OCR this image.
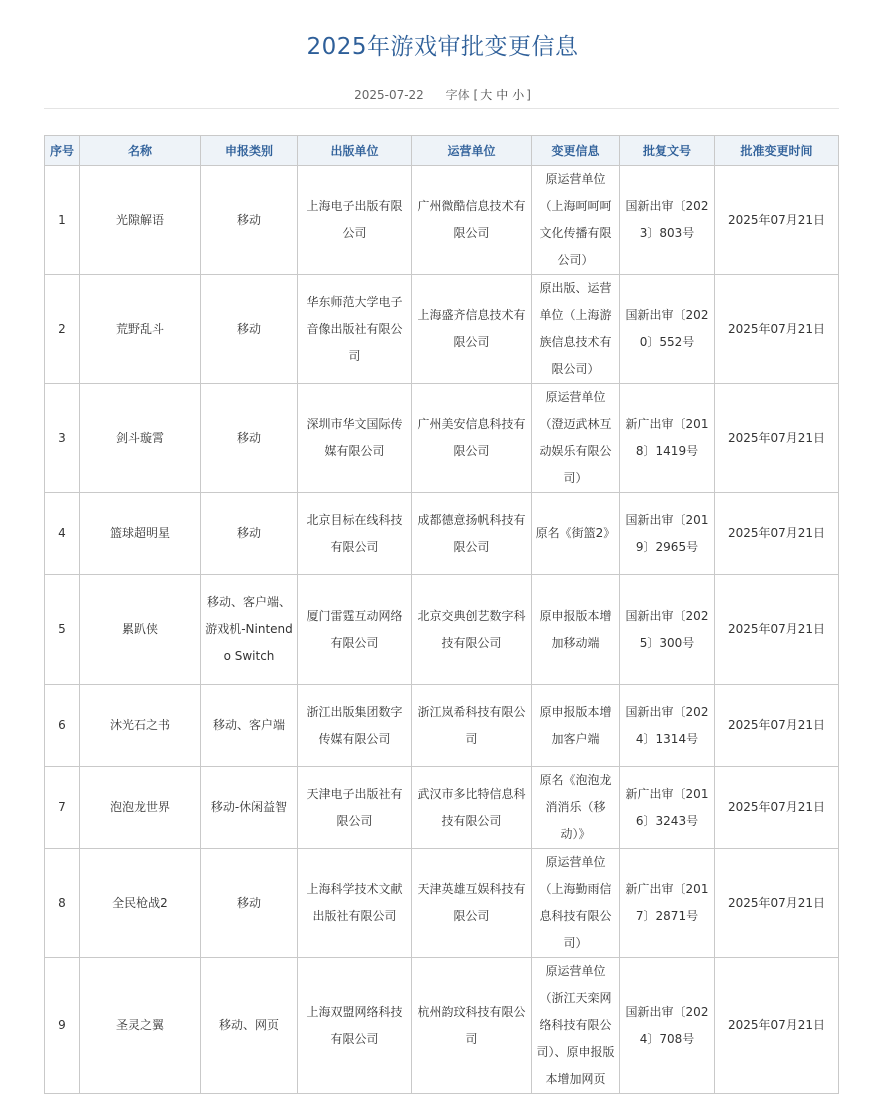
2025年游戏审批变更信息
2025-07-22 字体 [ 大 中 小 ]
序号	名称	申报类别	出版单位	运营单位	变更信息	批复文号	批准变更时间
1	光隙解语	移动	上海电子出版有限公司	广州微酷信息技术有限公司	原运营单位（上海呵呵呵文化传播有限公司）	国新出审〔2023〕803号	2025年07月21日
2	荒野乱斗	移动	华东师范大学电子音像出版社有限公司	上海盛齐信息技术有限公司	原出版、运营单位（上海游族信息技术有限公司）	国新出审〔2020〕552号	2025年07月21日
3	剑斗璇霄	移动	深圳市华文国际传媒有限公司	广州美安信息科技有限公司	原运营单位（澄迈武林互动娱乐有限公司）	新广出审〔2018〕1419号	2025年07月21日
4	篮球超明星	移动	北京目标在线科技有限公司	成都德意扬帆科技有限公司	原名《街篮2》	国新出审〔2019〕2965号	2025年07月21日
5	累趴侠	移动、客户端、游戏机-Nintendo Switch	厦门雷霆互动网络有限公司	北京交典创艺数字科技有限公司	原申报版本增加移动端	国新出审〔2025〕300号	2025年07月21日
6	沐光石之书	移动、客户端	浙江出版集团数字传媒有限公司	浙江岚希科技有限公司	原申报版本增加客户端	国新出审〔2024〕1314号	2025年07月21日
7	泡泡龙世界	移动-休闲益智	天津电子出版社有限公司	武汉市多比特信息科技有限公司	原名《泡泡龙消消乐（移动）》	新广出审〔2016〕3243号	2025年07月21日
8	全民枪战2	移动	上海科学技术文献出版社有限公司	天津英雄互娱科技有限公司	原运营单位（上海勤雨信息科技有限公司）	新广出审〔2017〕2871号	2025年07月21日
9	圣灵之翼	移动、网页	上海双盟网络科技有限公司	杭州韵玟科技有限公司	原运营单位（浙江天栾网络科技有限公司）、原申报版本增加网页	国新出审〔2024〕708号	2025年07月21日
